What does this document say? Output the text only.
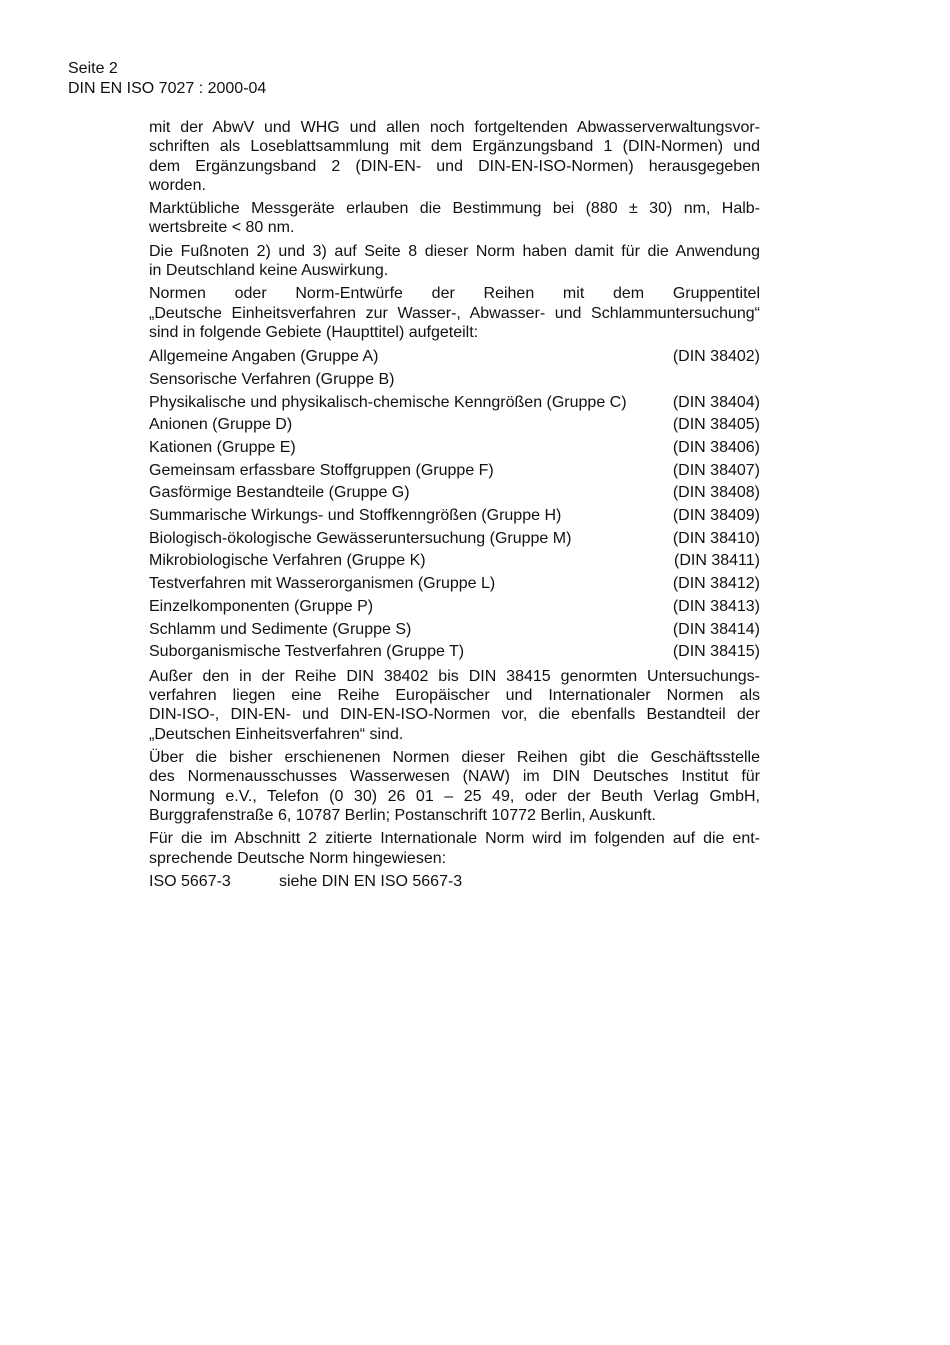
Seite 2
DIN EN ISO 7027 : 2000-04
mit der AbwV und WHG und allen noch fortgeltenden Abwasserverwaltungsvor-
schriften als Loseblattsammlung mit dem Ergänzungsband 1 (DIN-Normen) und
dem Ergänzungsband 2 (DIN-EN- und DIN-EN-ISO-Normen) herausgegeben
worden.
Marktübliche Messgeräte erlauben die Bestimmung bei (880 ± 30) nm, Halb-
wertsbreite < 80 nm.
Die Fußnoten 2) und 3) auf Seite 8 dieser Norm haben damit für die Anwendung
in Deutschland keine Auswirkung.
Normen oder Norm-Entwürfe der Reihen mit dem Gruppentitel
„Deutsche Einheitsverfahren zur Wasser-, Abwasser- und Schlammuntersuchung“
sind in folgende Gebiete (Haupttitel) aufgeteilt:
Allgemeine Angaben (Gruppe A)	(DIN 38402)
Sensorische Verfahren (Gruppe B)
Physikalische und physikalisch-chemische Kenngrößen (Gruppe C)	(DIN 38404)
Anionen (Gruppe D)	(DIN 38405)
Kationen (Gruppe E)	(DIN 38406)
Gemeinsam erfassbare Stoffgruppen (Gruppe F)	(DIN 38407)
Gasförmige Bestandteile (Gruppe G)	(DIN 38408)
Summarische Wirkungs- und Stoffkenngrößen (Gruppe H)	(DIN 38409)
Biologisch-ökologische Gewässeruntersuchung (Gruppe M)	(DIN 38410)
Mikrobiologische Verfahren (Gruppe K)	(DIN 38411)
Testverfahren mit Wasserorganismen (Gruppe L)	(DIN 38412)
Einzelkomponenten (Gruppe P)	(DIN 38413)
Schlamm und Sedimente (Gruppe S)	(DIN 38414)
Suborganismische Testverfahren (Gruppe T)	(DIN 38415)
Außer den in der Reihe DIN 38402 bis DIN 38415 genormten Untersuchungs-
verfahren liegen eine Reihe Europäischer und Internationaler Normen als
DIN-ISO-, DIN-EN- und DIN-EN-ISO-Normen vor, die ebenfalls Bestandteil der
„Deutschen Einheitsverfahren“ sind.
Über die bisher erschienenen Normen dieser Reihen gibt die Geschäftsstelle
des Normenausschusses Wasserwesen (NAW) im DIN Deutsches Institut für
Normung e.V., Telefon (0 30) 26 01 – 25 49, oder der Beuth Verlag GmbH,
Burggrafenstraße 6, 10787 Berlin; Postanschrift 10772 Berlin, Auskunft.
Für die im Abschnitt 2 zitierte Internationale Norm wird im folgenden auf die ent-
sprechende Deutsche Norm hingewiesen:
ISO 5667-3	siehe DIN EN ISO 5667-3
